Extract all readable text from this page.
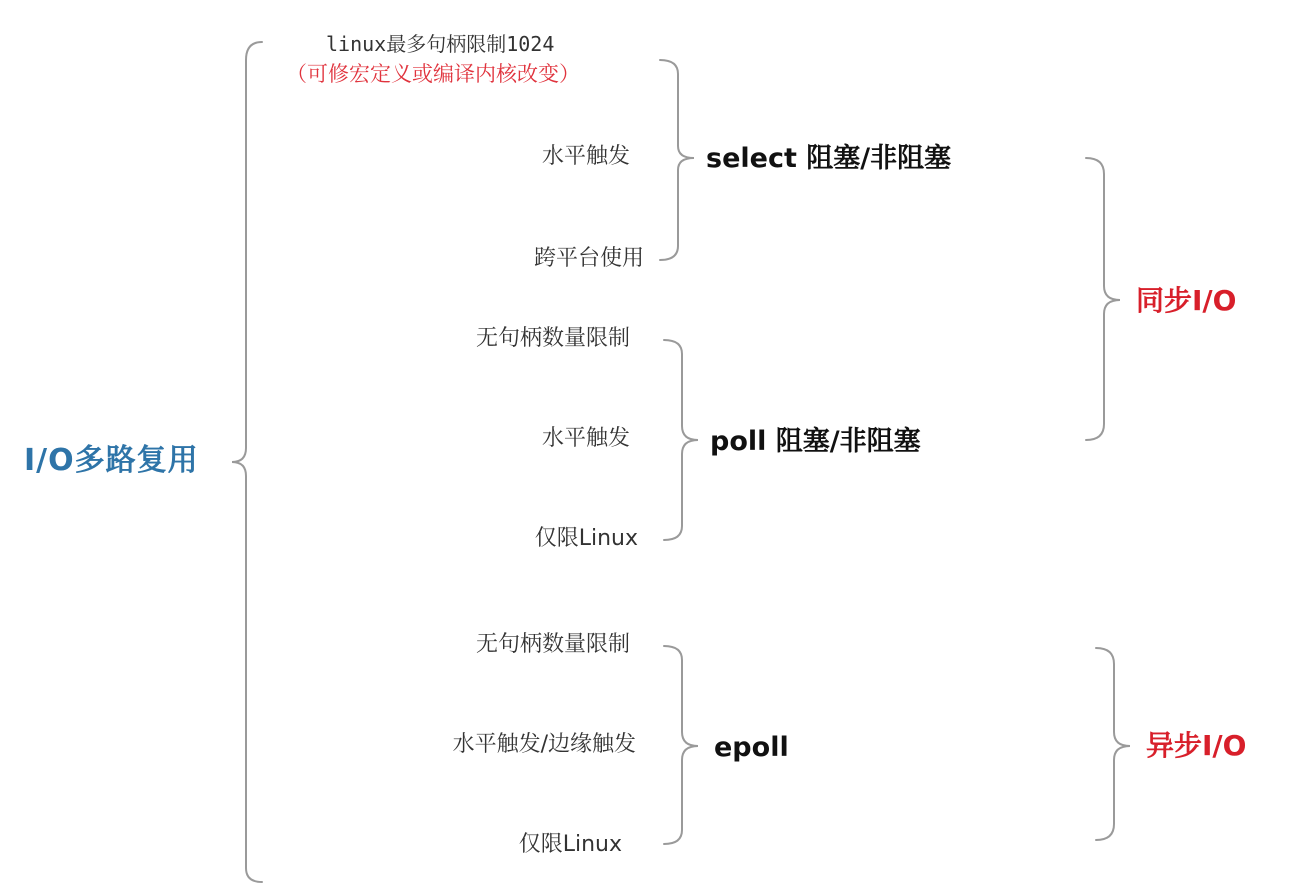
I/O多路复用
linux最多句柄限制1024
（可修宏定义或编译内核改变）
水平触发
跨平台使用
select 阻塞/非阻塞
无句柄数量限制
水平触发
仅限Linux
poll 阻塞/非阻塞
无句柄数量限制
水平触发/边缘触发
仅限Linux
epoll
同步I/O
异步I/O
